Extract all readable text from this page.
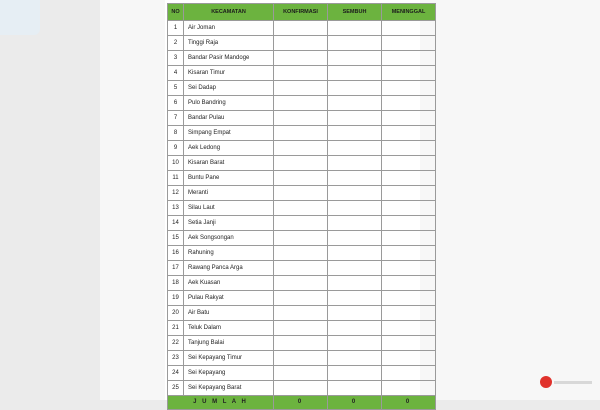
NO	KECAMATAN	KONFIRMASI	SEMBUH	MENINGGAL
1	Air Joman			
2	Tinggi Raja			
3	Bandar Pasir Mandoge			
4	Kisaran Timur			
5	Sei Dadap			
6	Pulo Bandring			
7	Bandar Pulau			
8	Simpang Empat			
9	Aek Ledong			
10	Kisaran Barat			
11	Buntu Pane			
12	Meranti			
13	Silau Laut			
14	Setia Janji			
15	Aek Songsongan			
16	Rahuning			
17	Rawang Panca Arga			
18	Aek Kuasan			
19	Pulau Rakyat			
20	Air Batu			
21	Teluk Dalam			
22	Tanjung Balai			
23	Sei Kepayang Timur			
24	Sei Kepayang			
25	Sei Kepayang Barat			
J U M L A H		0	0	0
